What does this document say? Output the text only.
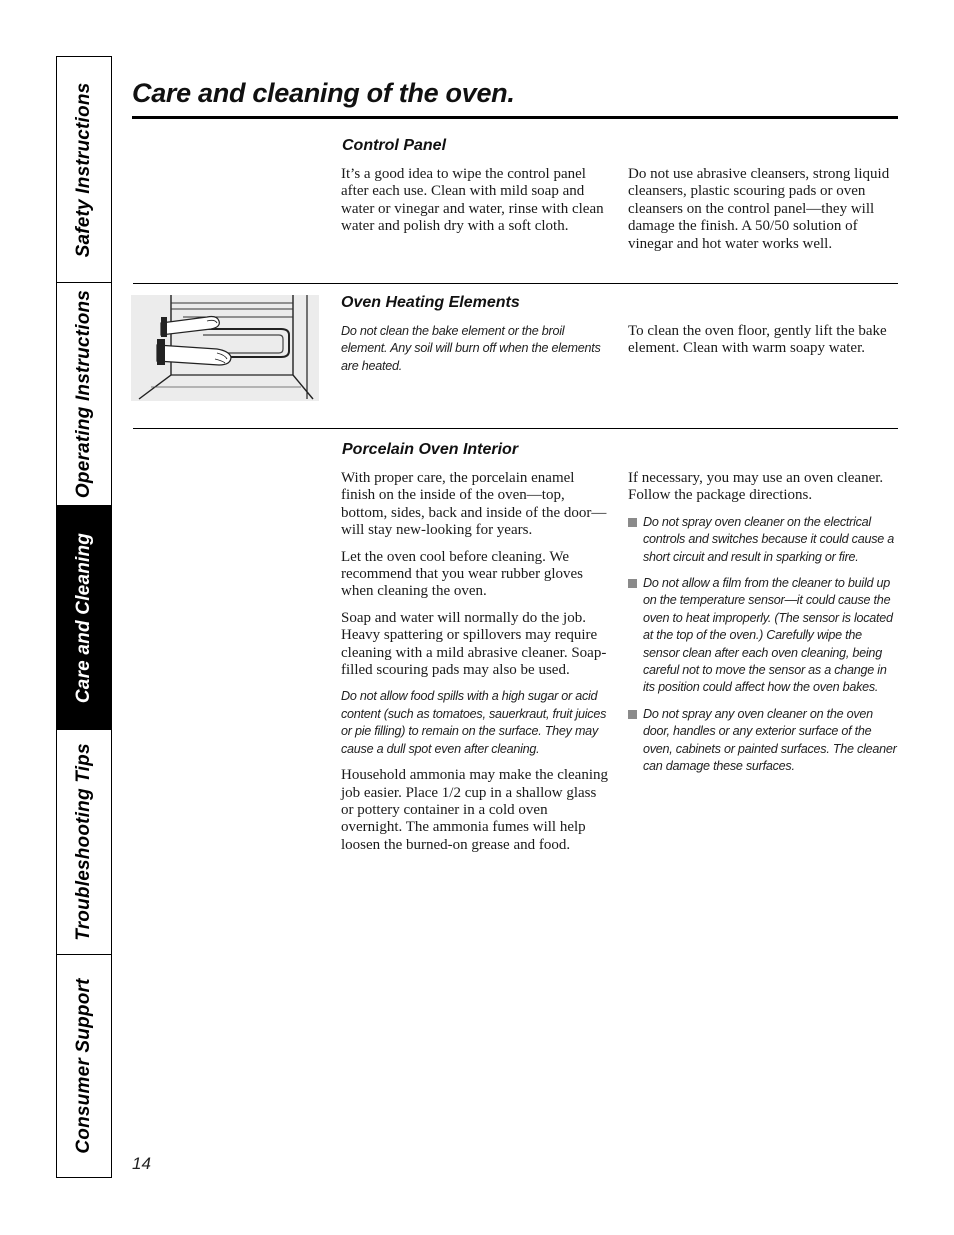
Safety Instructions
Operating Instructions
Care and Cleaning
Troubleshooting Tips
Consumer Support
Care and cleaning of the oven.
Control Panel

It’s a good idea to wipe the control panel after each use. Clean with mild soap and water or vinegar and water, rinse with clean water and polish dry with a soft cloth.

Do not use abrasive cleansers, strong liquid cleansers, plastic scouring pads or oven cleansers on the control panel—they will damage the finish. A 50/50 solution of vinegar and hot water works well.

Oven Heating Elements

Do not clean the bake element or the broil element. Any soil will burn off when the elements are heated.

To clean the oven floor, gently lift the bake element. Clean with warm soapy water.

Porcelain Oven Interior

With proper care, the porcelain enamel finish on the inside of the oven—top, bottom, sides, back and inside of the door—will stay new-looking for years.

Let the oven cool before cleaning. We recommend that you wear rubber gloves when cleaning the oven.

Soap and water will normally do the job. Heavy spattering or spillovers may require cleaning with a mild abrasive cleaner. Soap-filled scouring pads may also be used.

Do not allow food spills with a high sugar or acid content (such as tomatoes, sauerkraut, fruit juices or pie filling) to remain on the surface. They may cause a dull spot even after cleaning.

Household ammonia may make the cleaning job easier. Place 1/2 cup in a shallow glass or pottery container in a cold oven overnight. The ammonia fumes will help loosen the burned-on grease and food.

If necessary, you may use an oven cleaner. Follow the package directions.

Do not spray oven cleaner on the electrical controls and switches because it could cause a short circuit and result in sparking or fire.

Do not allow a film from the cleaner to build up on the temperature sensor—it could cause the oven to heat improperly. (The sensor is located at the top of the oven.) Carefully wipe the sensor clean after each oven cleaning, being careful not to move the sensor as a change in its position could affect how the oven bakes.

Do not spray any oven cleaner on the oven door, handles or any exterior surface of the oven, cabinets or painted surfaces. The cleaner can damage these surfaces.

14
